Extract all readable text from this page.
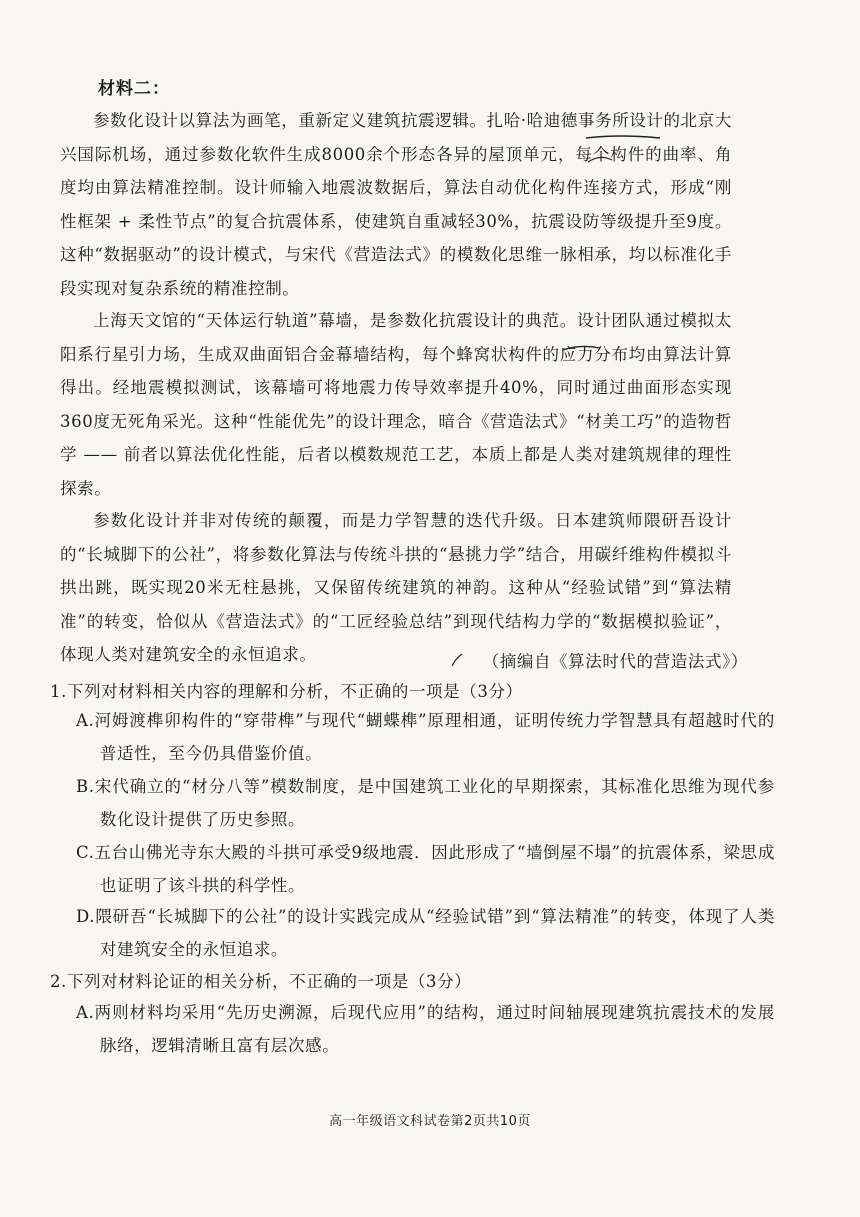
材料二：

参数化设计以算法为画笔，重新定义建筑抗震逻辑。扎哈·哈迪德事务所设计的北京大兴国际机场，通过参数化软件生成8000余个形态各异的屋顶单元，每个构件的曲率、角度均由算法精准控制。设计师输入地震波数据后，算法自动优化构件连接方式，形成“刚性框架 + 柔性节点”的复合抗震体系，使建筑自重减轻30%，抗震设防等级提升至9度。这种“数据驱动”的设计模式，与宋代《营造法式》的模数化思维一脉相承，均以标准化手段实现对复杂系统的精准控制。

上海天文馆的“天体运行轨道”幕墙，是参数化抗震设计的典范。设计团队通过模拟太阳系行星引力场，生成双曲面铝合金幕墙结构，每个蜂窝状构件的应力分布均由算法计算得出。经地震模拟测试，该幕墙可将地震力传导效率提升40%，同时通过曲面形态实现360度无死角采光。这种“性能优先”的设计理念，暗合《营造法式》“材美工巧”的造物哲学 —— 前者以算法优化性能，后者以模数规范工艺，本质上都是人类对建筑规律的理性探索。

参数化设计并非对传统的颠覆，而是力学智慧的迭代升级。日本建筑师隈研吾设计的“长城脚下的公社”，将参数化算法与传统斗拱的“悬挑力学”结合，用碳纤维构件模拟斗拱出跳，既实现20米无柱悬挑，又保留传统建筑的神韵。这种从“经验试错”到“算法精准”的转变，恰似从《营造法式》的“工匠经验总结”到现代结构力学的“数据模拟验证”，体现人类对建筑安全的永恒追求。	（摘编自《算法时代的营造法式》）
1.下列对材料相关内容的理解和分析，不正确的一项是（3分）

A.河姆渡榫卯构件的“穿带榫”与现代“蝴蝶榫”原理相通，证明传统力学智慧具有超越时代的普适性，至今仍具借鉴价值。

B.宋代确立的“材分八等”模数制度，是中国建筑工业化的早期探索，其标准化思维为现代参数化设计提供了历史参照。

C.五台山佛光寺东大殿的斗拱可承受9级地震．因此形成了“墙倒屋不塌”的抗震体系，梁思成也证明了该斗拱的科学性。

D.隈研吾“长城脚下的公社”的设计实践完成从“经验试错”到“算法精准”的转变，体现了人类对建筑安全的永恒追求。

2.下列对材料论证的相关分析，不正确的一项是（3分）

A.两则材料均采用“先历史溯源，后现代应用”的结构，通过时间轴展现建筑抗震技术的发展脉络，逻辑清晰且富有层次感。

高一年级语文科试卷第2页共10页
